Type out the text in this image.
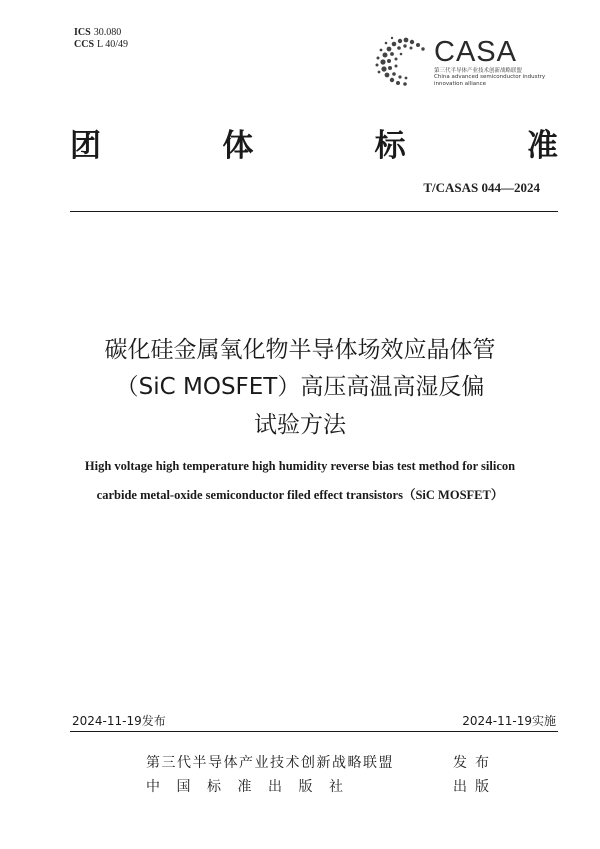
ICS 30.080
CCS L 40/49	CASA
第三代半导体产业技术创新战略联盟
China advanced semiconductor industry
innovation alliance
团	体	标	准
T/CASAS 044—2024
碳化硅金属氧化物半导体场效应晶体管
（SiC MOSFET）高压高温高湿反偏
试验方法
High voltage high temperature high humidity reverse bias test method for silicon
carbide metal-oxide semiconductor filed effect transistors（SiC MOSFET）
2024-11-19发布	2024-11-19实施
第三代半导体产业技术创新战略联盟	发布
中国标准出版社	出版
